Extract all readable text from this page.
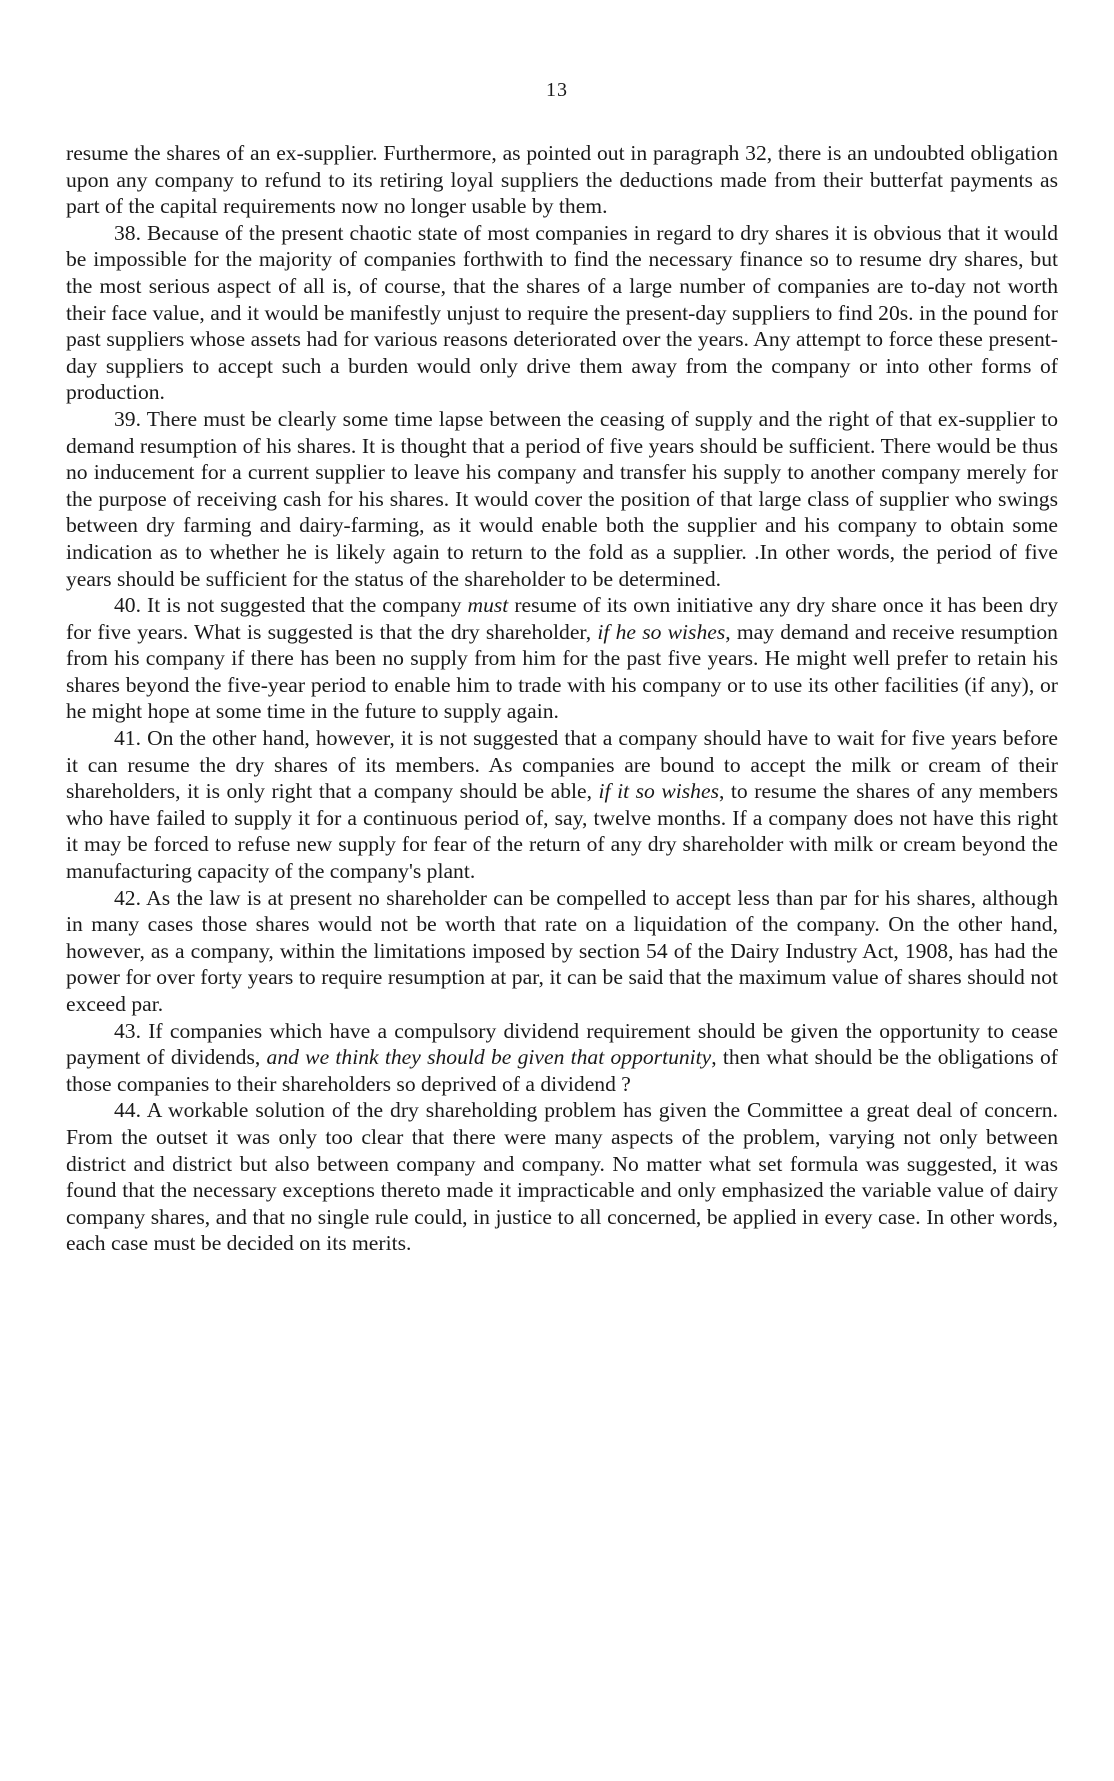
13

resume the shares of an ex-supplier. Furthermore, as pointed out in paragraph 32, there is an undoubted obligation upon any company to refund to its retiring loyal suppliers the deductions made from their butterfat payments as part of the capital requirements now no longer usable by them.

38. Because of the present chaotic state of most companies in regard to dry shares it is obvious that it would be impossible for the majority of companies forthwith to find the necessary finance so to resume dry shares, but the most serious aspect of all is, of course, that the shares of a large number of companies are to-day not worth their face value, and it would be manifestly unjust to require the present-day suppliers to find 20s. in the pound for past suppliers whose assets had for various reasons deteriorated over the years. Any attempt to force these present-day suppliers to accept such a burden would only drive them away from the company or into other forms of production.

39. There must be clearly some time lapse between the ceasing of supply and the right of that ex-supplier to demand resumption of his shares. It is thought that a period of five years should be sufficient. There would be thus no inducement for a current supplier to leave his company and transfer his supply to another company merely for the purpose of receiving cash for his shares. It would cover the position of that large class of supplier who swings between dry farming and dairy-farming, as it would enable both the supplier and his company to obtain some indication as to whether he is likely again to return to the fold as a supplier. .In other words, the period of five years should be sufficient for the status of the shareholder to be determined.

40. It is not suggested that the company must resume of its own initiative any dry share once it has been dry for five years. What is suggested is that the dry shareholder, if he so wishes, may demand and receive resumption from his company if there has been no supply from him for the past five years. He might well prefer to retain his shares beyond the five-year period to enable him to trade with his company or to use its other facilities (if any), or he might hope at some time in the future to supply again.

41. On the other hand, however, it is not suggested that a company should have to wait for five years before it can resume the dry shares of its members. As companies are bound to accept the milk or cream of their shareholders, it is only right that a company should be able, if it so wishes, to resume the shares of any members who have failed to supply it for a continuous period of, say, twelve months. If a company does not have this right it may be forced to refuse new supply for fear of the return of any dry shareholder with milk or cream beyond the manufacturing capacity of the company's plant.

42. As the law is at present no shareholder can be compelled to accept less than par for his shares, although in many cases those shares would not be worth that rate on a liquidation of the company. On the other hand, however, as a company, within the limitations imposed by section 54 of the Dairy Industry Act, 1908, has had the power for over forty years to require resumption at par, it can be said that the maximum value of shares should not exceed par.

43. If companies which have a compulsory dividend requirement should be given the opportunity to cease payment of dividends, and we think they should be given that opportunity, then what should be the obligations of those companies to their shareholders so deprived of a dividend ?

44. A workable solution of the dry shareholding problem has given the Committee a great deal of concern. From the outset it was only too clear that there were many aspects of the problem, varying not only between district and district but also between company and company. No matter what set formula was suggested, it was found that the necessary exceptions thereto made it impracticable and only emphasized the variable value of dairy company shares, and that no single rule could, in justice to all concerned, be applied in every case. In other words, each case must be decided on its merits.
